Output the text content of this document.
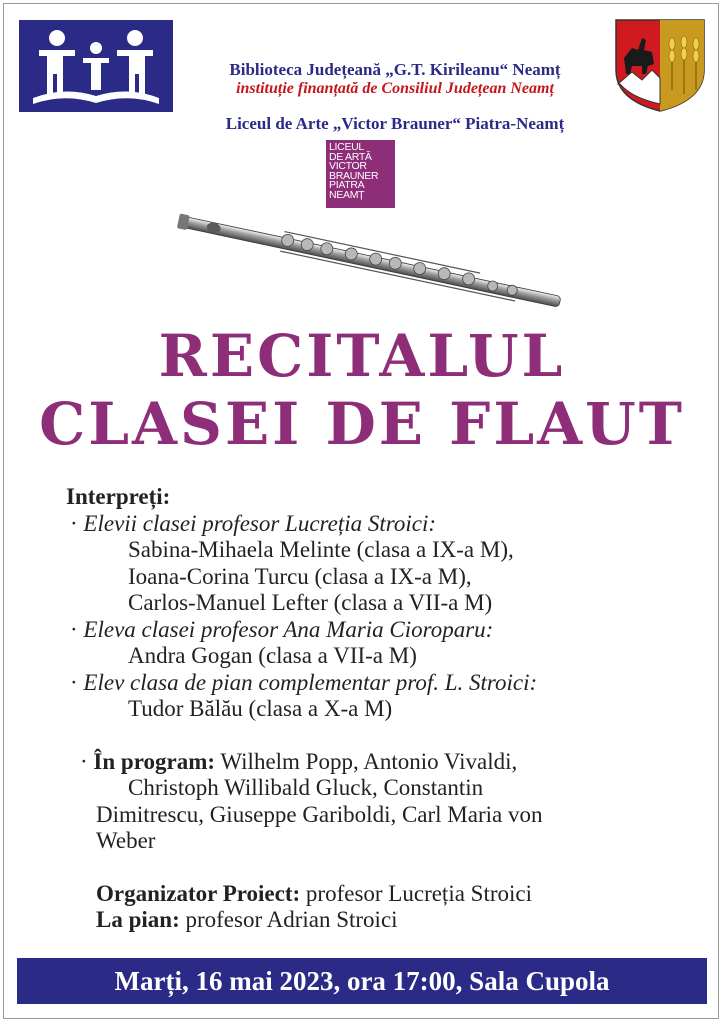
Biblioteca Județeană „G.T. Kirileanu“ Neamț
instituție finanțată de Consiliul Județean Neamț
Liceul de Arte „Victor Brauner“ Piatra-Neamț
LICEUL
DE ARTĂ
VICTOR
BRAUNER
PIATRA
NEAMȚ
RECITALUL
CLASEI DE FLAUT

Interpreți:

· Elevii clasei profesor Lucreția Stroici:

Sabina-Mihaela Melinte (clasa a IX-a M),

Ioana-Corina Turcu (clasa a IX-a M),

Carlos-Manuel Lefter (clasa a VII-a M)

· Eleva clasei profesor Ana Maria Cioroparu:

Andra Gogan (clasa a VII-a M)

· Elev clasa de pian complementar prof. L. Stroici:

Tudor Bălău (clasa a X-a M)

· În program: Wilhelm Popp, Antonio Vivaldi,

Christoph Willibald Gluck, Constantin

Dimitrescu, Giuseppe Gariboldi, Carl Maria von

Weber

Organizator Proiect: profesor Lucreția Stroici

La pian: profesor Adrian Stroici

Marți, 16 mai 2023, ora 17:00, Sala Cupola
